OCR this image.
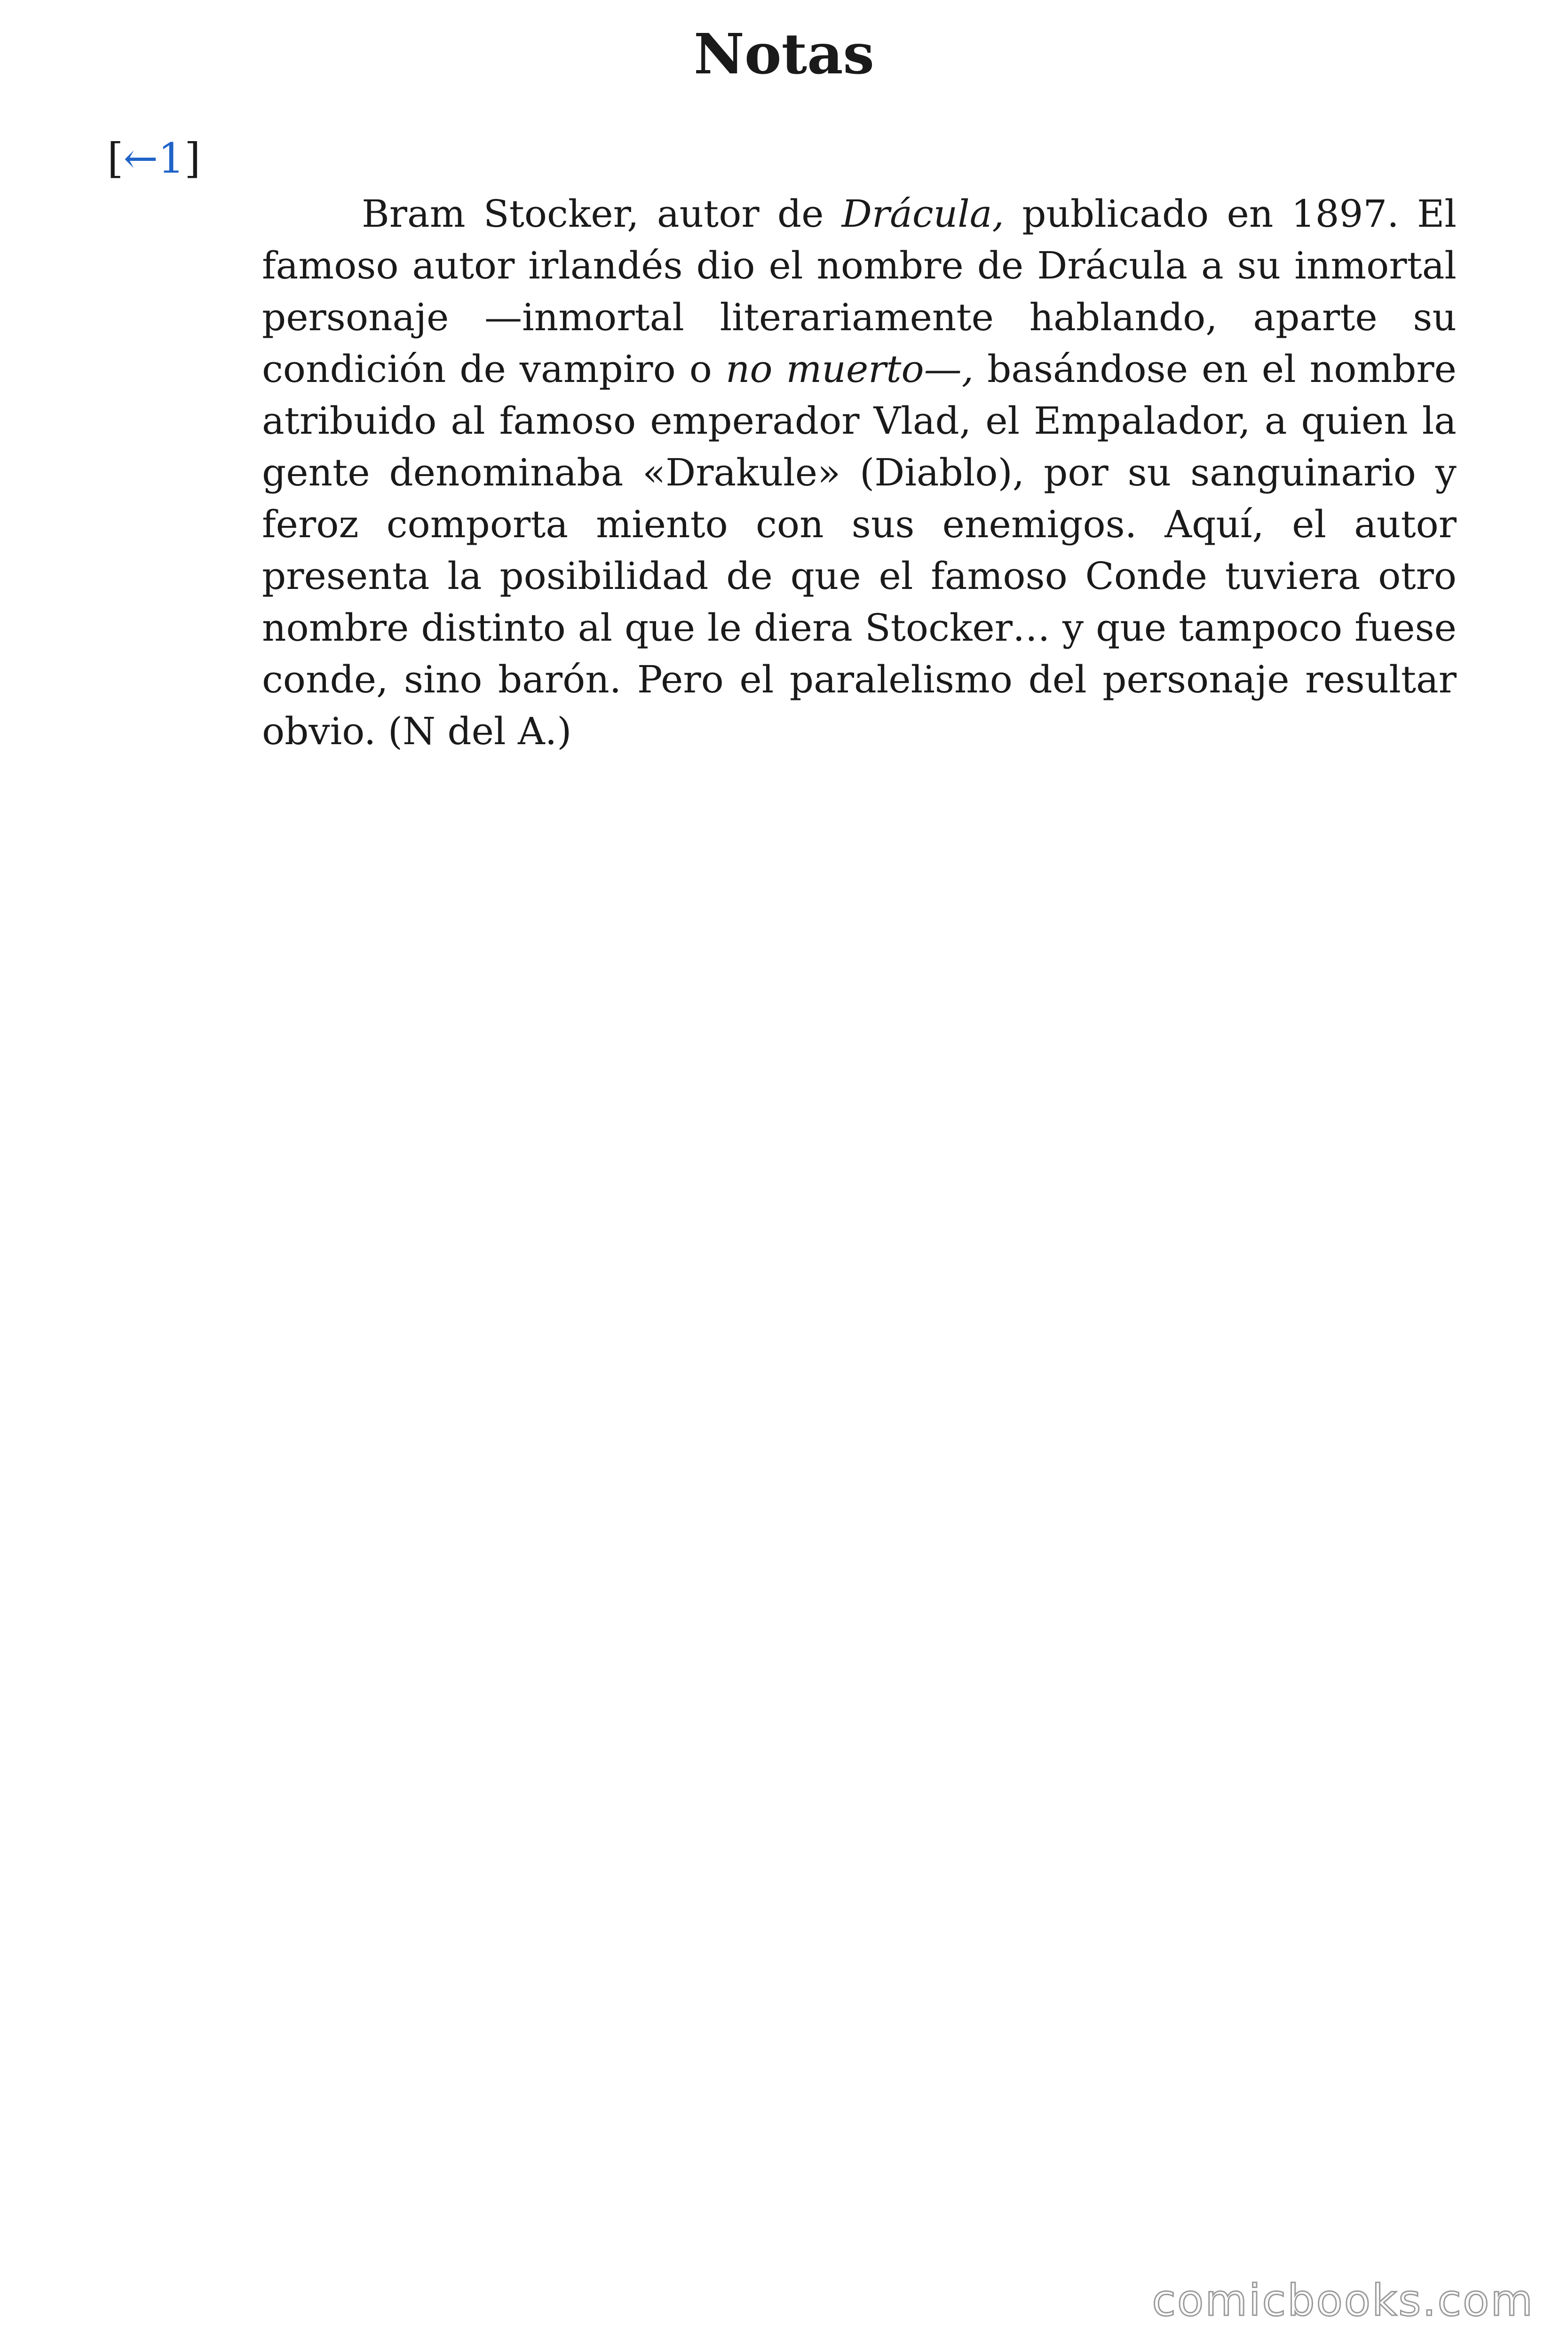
Notas
[←1]

Bram Stocker, autor de Drácula, publicado en 1897. El famoso autor irlandés dio el nombre de Drácula a su inmortal personaje —inmortal literariamente hablando, aparte su condición de vampiro o no muerto—, basándose en el nombre atribuido al famoso emperador Vlad, el Empalador, a quien la gente denominaba «Drakule» (Diablo), por su sanguinario y feroz comporta miento con sus enemigos. Aquí, el autor presenta la posibilidad de que el famoso Conde tuviera otro nombre distinto al que le diera Stocker… y que tampoco fuese conde, sino barón. Pero el paralelismo del personaje resultar obvio. (N del A.)

comicbooks.com
